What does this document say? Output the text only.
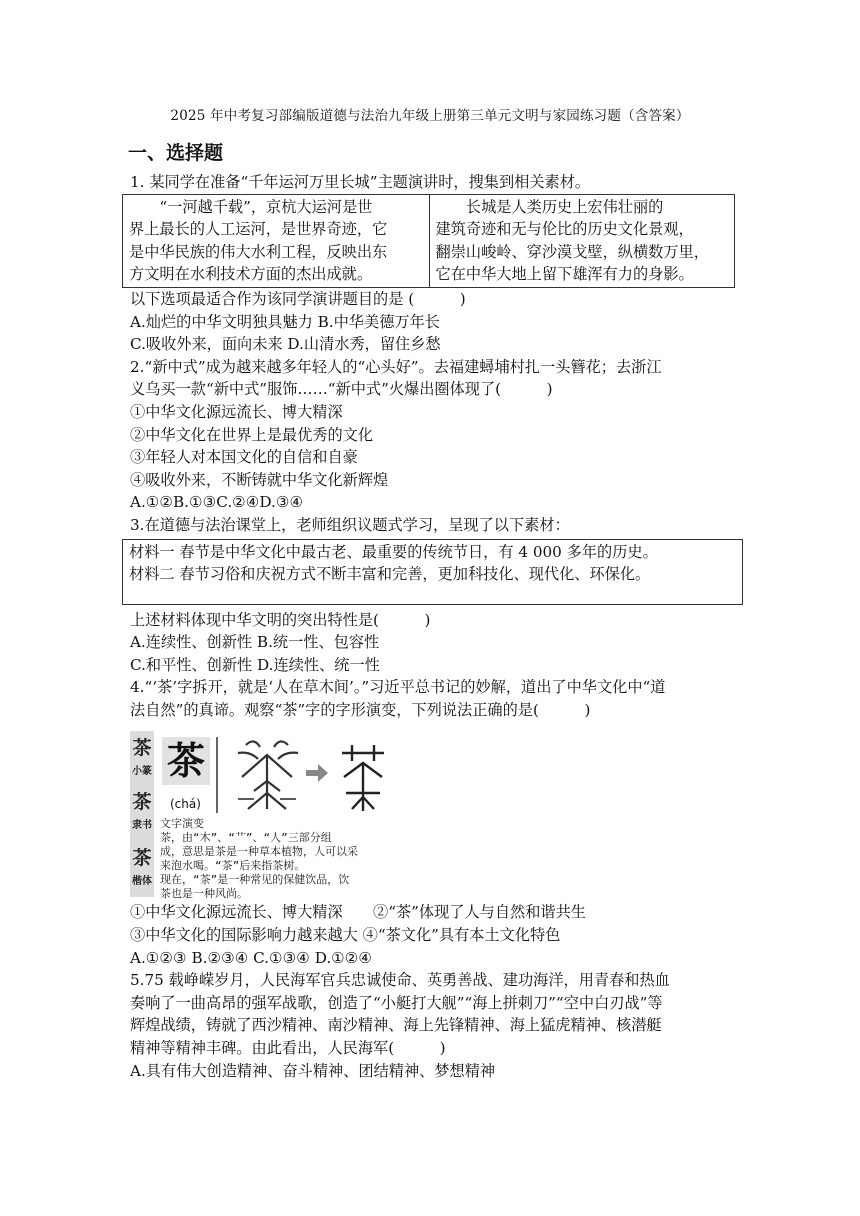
2025 年中考复习部编版道德与法治九年级上册第三单元文明与家园练习题（含答案）
一、选择题

1. 某同学在准备“千年运河万里长城”主题演讲时，搜集到相关素材。

　　“一河越千载”，京杭大运河是世
界上最长的人工运河，是世界奇迹，它
是中华民族的伟大水利工程，反映出东
方文明在水利技术方面的杰出成就。
　　长城是人类历史上宏伟壮丽的
建筑奇迹和无与伦比的历史文化景观，
翻崇山峻岭、穿沙漠戈壁，纵横数万里，
它在中华大地上留下雄浑有力的身影。

以下选项最适合作为该同学演讲题目的是 (　　　)

A.灿烂的中华文明独具魅力 B.中华美德万年长

C.吸收外来，面向未来 D.山清水秀，留住乡愁

2.“新中式”成为越来越多年轻人的“心头好”。去福建蟳埔村扎一头簪花；去浙江

义乌买一款“新中式”服饰……“新中式”火爆出圈体现了(　　　)

①中华文化源远流长、博大精深

②中华文化在世界上是最优秀的文化

③年轻人对本国文化的自信和自豪

④吸收外来，不断铸就中华文化新辉煌

A.①②B.①③C.②④D.③④

3.在道德与法治课堂上，老师组织议题式学习，呈现了以下素材：

材料一 春节是中华文化中最古老、最重要的传统节日，有 4 000 多年的历史。
材料二 春节习俗和庆祝方式不断丰富和完善，更加科技化、现代化、环保化。

上述材料体现中华文明的突出特性是(　　　)

A.连续性、创新性 B.统一性、包容性

C.和平性、创新性 D.连续性、统一性

4.“‘茶’字拆开，就是‘人在草木间’。”习近平总书记的妙解，道出了中华文化中“道

法自然”的真谛。观察“茶”字的字形演变，下列说法正确的是(　　　)

茶
小篆
茶
隶书
茶
楷体
茶
(chá)
文字演变
茶，由“木”、“艹”、“人”三部分组
成，意思是茶是一种草本植物，人可以采
来泡水喝。“茶”后来指茶树。
现在，“茶”是一种常见的保健饮品，饮
茶也是一种风尚。

①中华文化源远流长、博大精深　　②“茶”体现了人与自然和谐共生

③中华文化的国际影响力越来越大 ④“茶文化”具有本土文化特色

A.①②③ B.②③④ C.①③④ D.①②④

5.75 载峥嵘岁月，人民海军官兵忠诚使命、英勇善战、建功海洋，用青春和热血

奏响了一曲高昂的强军战歌，创造了“小艇打大舰”“海上拼刺刀”“空中白刃战”等

辉煌战绩，铸就了西沙精神、南沙精神、海上先锋精神、海上猛虎精神、核潜艇

精神等精神丰碑。由此看出，人民海军(　　　)

A.具有伟大创造精神、奋斗精神、团结精神、梦想精神
